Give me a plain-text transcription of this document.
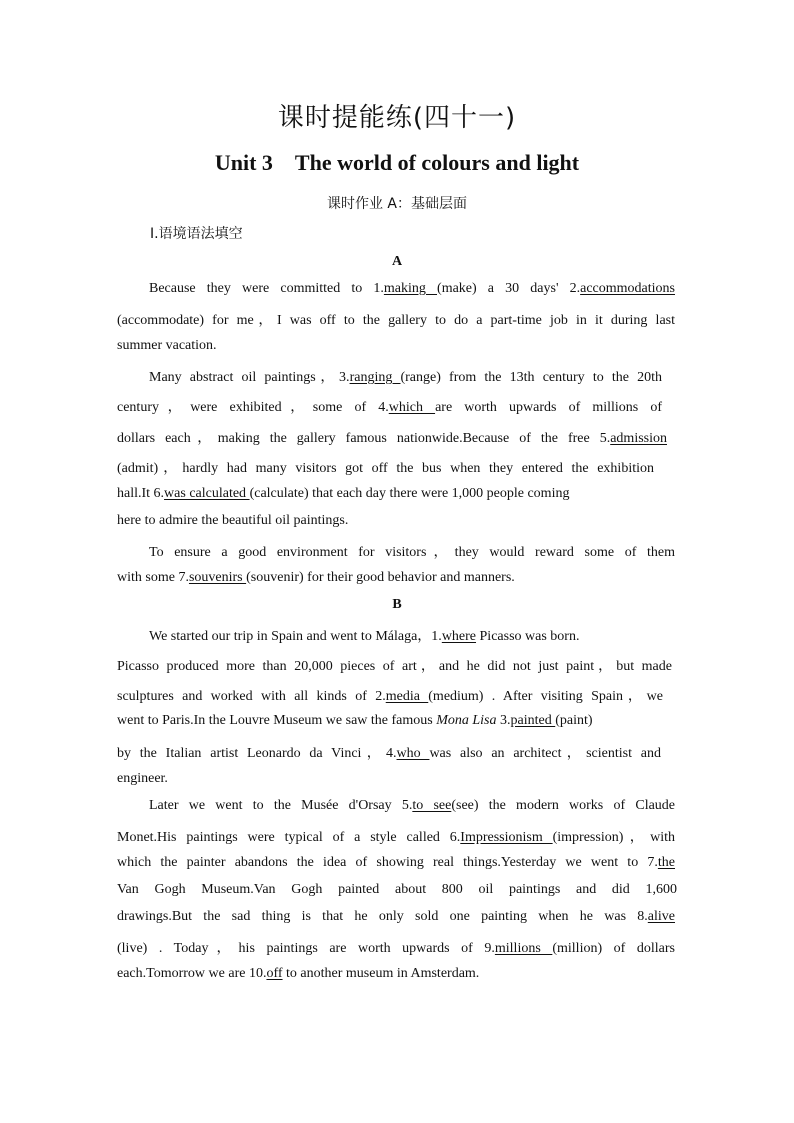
课时提能练(四十一)
Unit 3 The world of colours and light
课时作业 A：基础层面
Ⅰ.语境语法填空
A
Because they were committed to 1.making (make) a 30 days' 2.accommodations
(accommodate) for me，I was off to the gallery to do a part-time job in it during last
summer vacation.
Many abstract oil paintings，3.ranging (range) from the 13th century to the 20th
century，were exhibited，some of 4.which are worth upwards of millions of
dollars each，making the gallery famous nationwide.Because of the free 5.admission
(admit)，hardly had many visitors got off the bus when they entered the exhibition
hall.It 6.was calculated (calculate) that each day there were 1,000 people coming
here to admire the beautiful oil paintings.
To ensure a good environment for visitors，they would reward some of them
with some 7.souvenirs (souvenir) for their good behavior and manners.
B
We started our trip in Spain and went to Málaga，1.where Picasso was born.
Picasso produced more than 20,000 pieces of art，and he did not just paint，but made
sculptures and worked with all kinds of 2.media (medium) . After visiting Spain，we
went to Paris.In the Louvre Museum we saw the famous Mona Lisa 3.painted (paint)
by the Italian artist Leonardo da Vinci，4.who was also an architect，scientist and
engineer.
Later we went to the Musée d'Orsay 5.to see(see) the modern works of Claude
Monet.His paintings were typical of a style called 6.Impressionism (impression)，with
which the painter abandons the idea of showing real things.Yesterday we went to 7.the
Van Gogh Museum.Van Gogh painted about 800 oil paintings and did 1,600
drawings.But the sad thing is that he only sold one painting when he was 8.alive
(live) . Today，his paintings are worth upwards of 9.millions (million) of dollars
each.Tomorrow we are 10.off to another museum in Amsterdam.
